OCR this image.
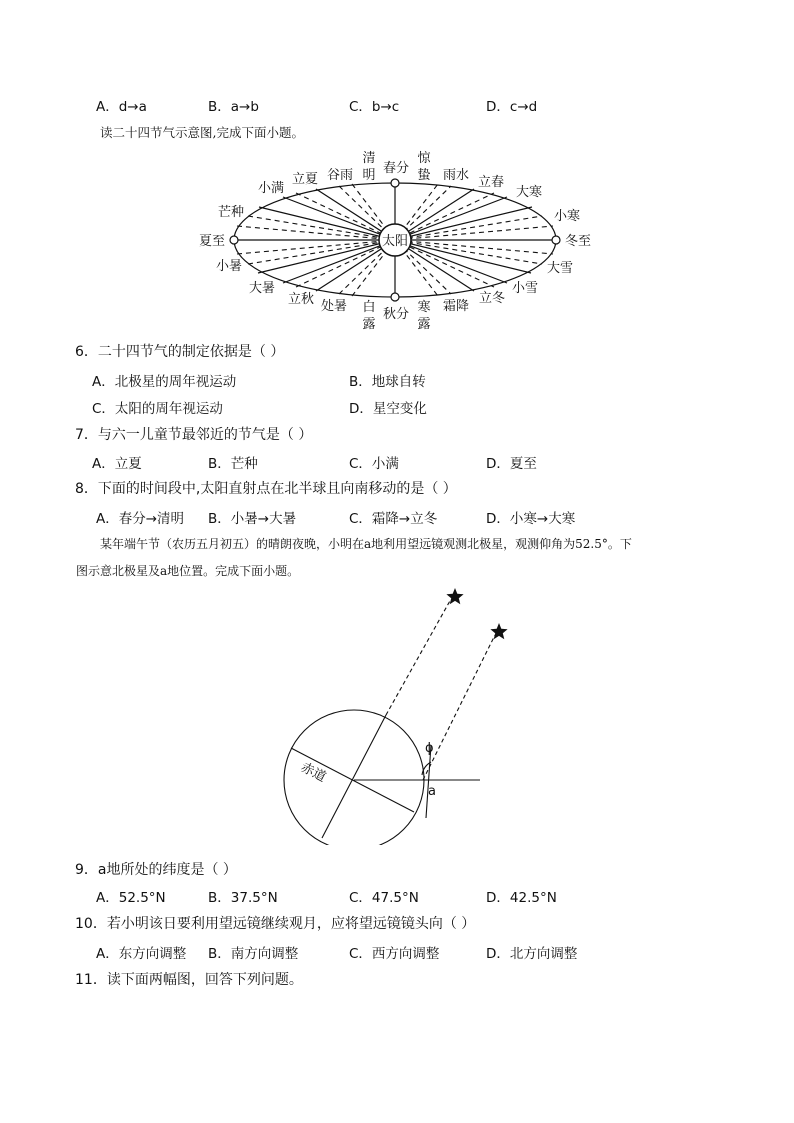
A．d→a	B．a→b	C．b→c	D．c→d
读二十四节气示意图,完成下面小题。
太阳
清
明 春分
惊
蛰 雨水 立春
大寒
小寒
冬至
大雪
小雪
立冬
霜降
寒
露
秋分
白
露
处暑
立秋
大暑
小暑
夏至
芒种
小满
立夏 谷雨
6．二十四节气的制定依据是（ ）
A．北极星的周年视运动	B．地球自转
C．太阳的周年视运动	D．星空变化
7．与六一儿童节最邻近的节气是（ ）
A．立夏	B．芒种	C．小满	D．夏至
8．下面的时间段中,太阳直射点在北半球且向南移动的是（ ）
A．春分→清明 B．小暑→大暑	C．霜降→立冬	D．小寒→大寒
某年端午节（农历五月初五）的晴朗夜晚，小明在a地利用望远镜观测北极星，观测仰角为52.5°。下
图示意北极星及a地位置。完成下面小题。
赤道
ϕ
a
9．a地所处的纬度是（ ）
A．52.5°N	B．37.5°N	C．47.5°N	D．42.5°N
10．若小明该日要利用望远镜继续观月，应将望远镜镜头向（ ）
A．东方向调整 B．南方向调整	C．西方向调整	D．北方向调整
11．读下面两幅图，回答下列问题。
